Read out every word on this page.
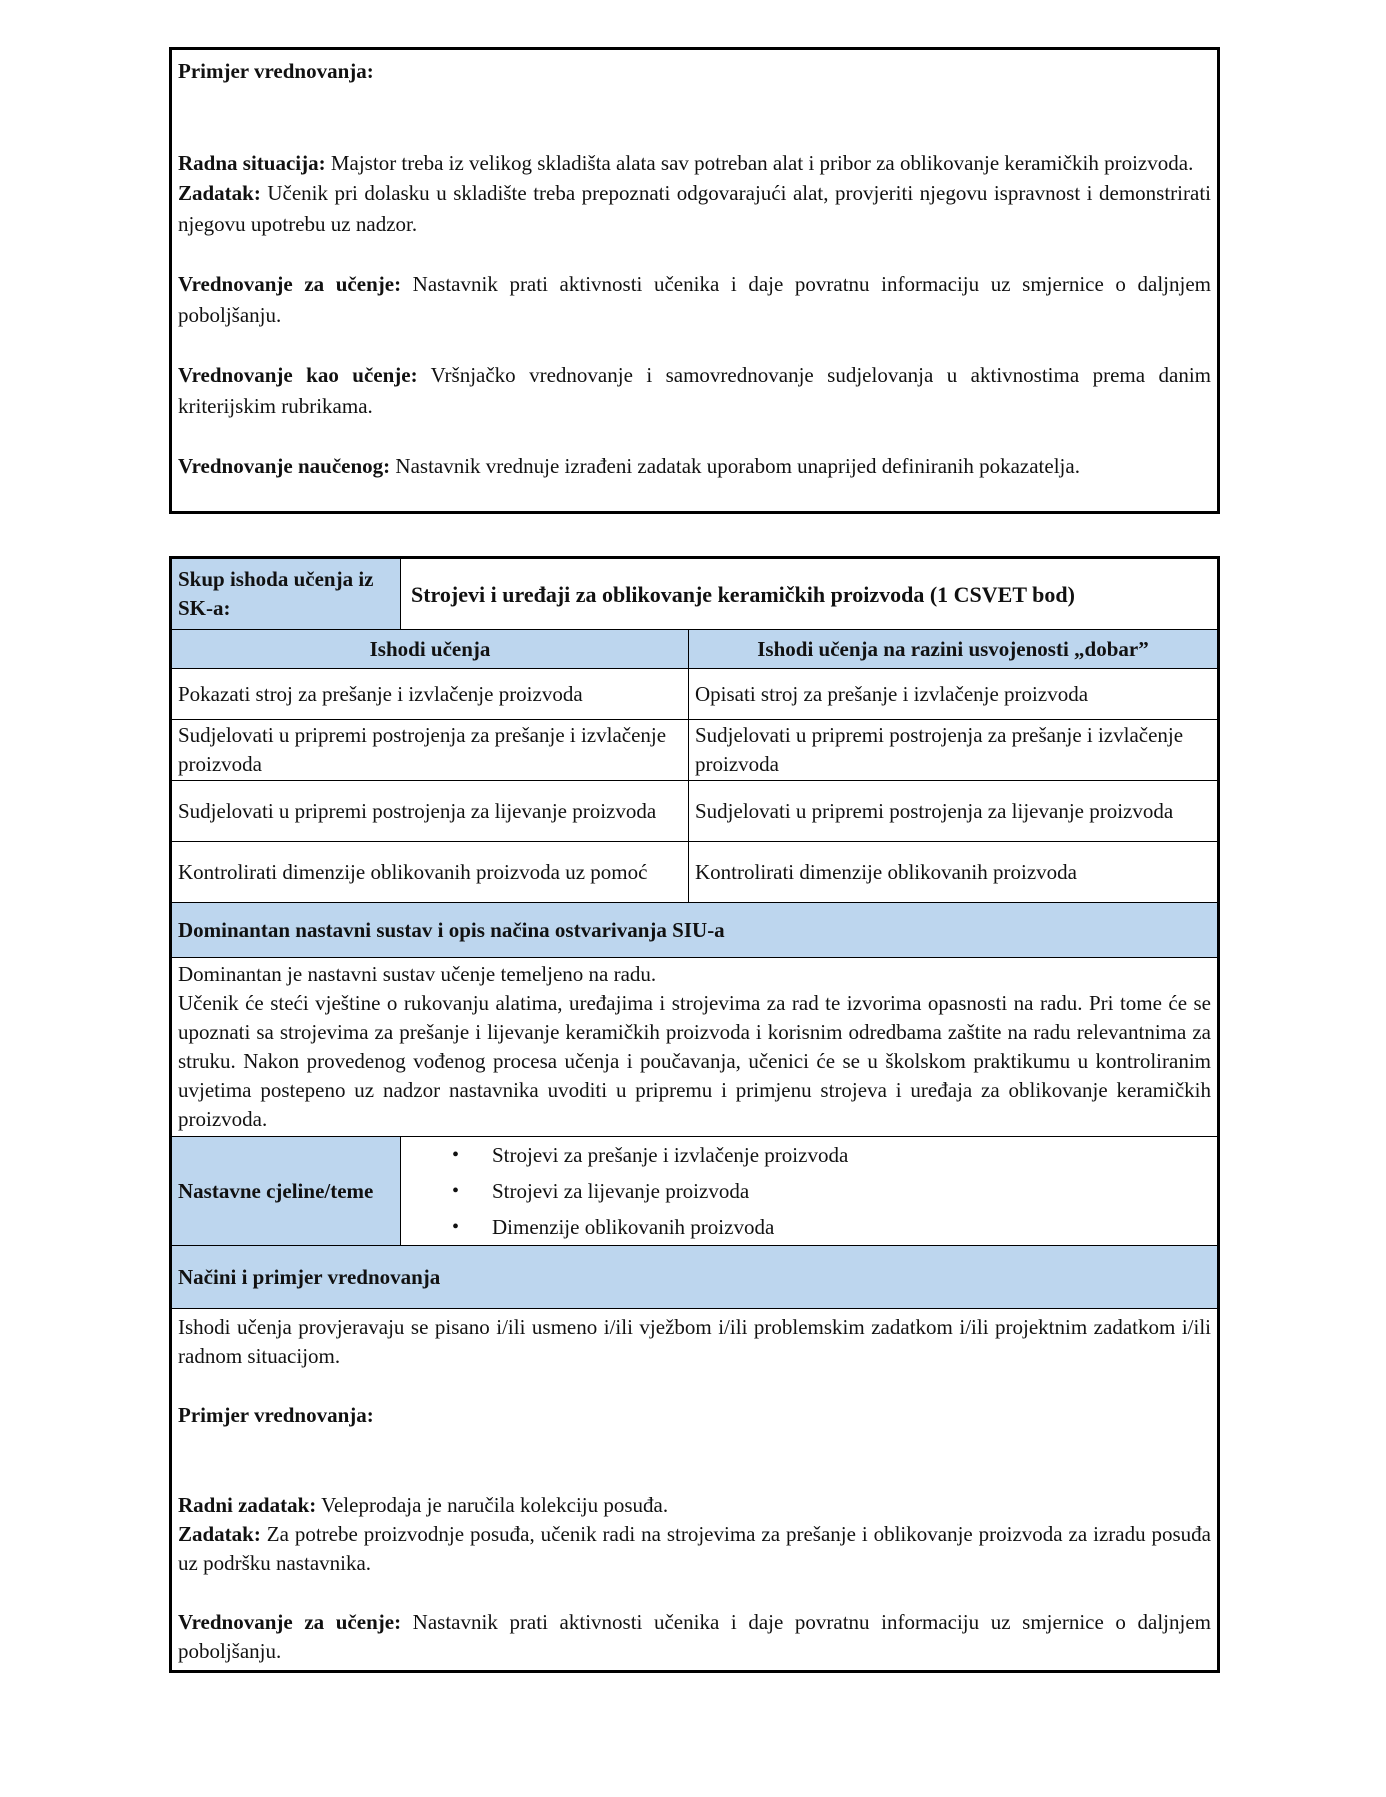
Primjer vrednovanja:

Radna situacija: Majstor treba iz velikog skladišta alata sav potreban alat i pribor za oblikovanje keramičkih proizvoda.

Zadatak: Učenik pri dolasku u skladište treba prepoznati odgovarajući alat, provjeriti njegovu ispravnost i demonstrirati njegovu upotrebu uz nadzor.

Vrednovanje za učenje: Nastavnik prati aktivnosti učenika i daje povratnu informaciju uz smjernice o daljnjem poboljšanju.

Vrednovanje kao učenje: Vršnjačko vrednovanje i samovrednovanje sudjelovanja u aktivnostima prema danim kriterijskim rubrikama.

Vrednovanje naučenog: Nastavnik vrednuje izrađeni zadatak uporabom unaprijed definiranih pokazatelja.

Skup ishoda učenja iz SK-a:	Strojevi i uređaji za oblikovanje keramičkih proizvoda (1 CSVET bod)	
Ishodi učenja		Ishodi učenja na razini usvojenosti „dobar”
Pokazati stroj za prešanje i izvlačenje proizvoda		Opisati stroj za prešanje i izvlačenje proizvoda
Sudjelovati u pripremi postrojenja za prešanje i izvlačenje proizvoda		Sudjelovati u pripremi postrojenja za prešanje i izvlačenje proizvoda
Sudjelovati u pripremi postrojenja za lijevanje proizvoda		Sudjelovati u pripremi postrojenja za lijevanje proizvoda
Kontrolirati dimenzije oblikovanih proizvoda uz pomoć		Kontrolirati dimenzije oblikovanih proizvoda
Dominantan nastavni sustav i opis načina ostvarivanja SIU-a		

Dominantan je nastavni sustav učenje temeljeno na radu.

Učenik će steći vještine o rukovanju alatima, uređajima i strojevima za rad te izvorima opasnosti na radu. Pri tome će se upoznati sa strojevima za prešanje i lijevanje keramičkih proizvoda i korisnim odredbama zaštite na radu relevantnima za struku. Nakon provedenog vođenog procesa učenja i poučavanja, učenici će se u školskom praktikumu u kontroliranim uvjetima postepeno uz nadzor nastavnika uvoditi u pripremu i primjenu strojeva i uređaja za oblikovanje keramičkih proizvoda.		

Nastavne cjeline/teme	
• Strojevi za prešanje i izvlačenje proizvoda
• Strojevi za lijevanje proizvoda
• Dimenzije oblikovanih proizvoda

Načini i primjer vrednovanja		

Ishodi učenja provjeravaju se pisano i/ili usmeno i/ili vježbom i/ili problemskim zadatkom i/ili projektnim zadatkom i/ili radnom situacijom.

Primjer vrednovanja:

Radni zadatak: Veleprodaja je naručila kolekciju posuđa.

Zadatak: Za potrebe proizvodnje posuđa, učenik radi na strojevima za prešanje i oblikovanje proizvoda za izradu posuđa uz podršku nastavnika.

Vrednovanje za učenje: Nastavnik prati aktivnosti učenika i daje povratnu informaciju uz smjernice o daljnjem poboljšanju.		
